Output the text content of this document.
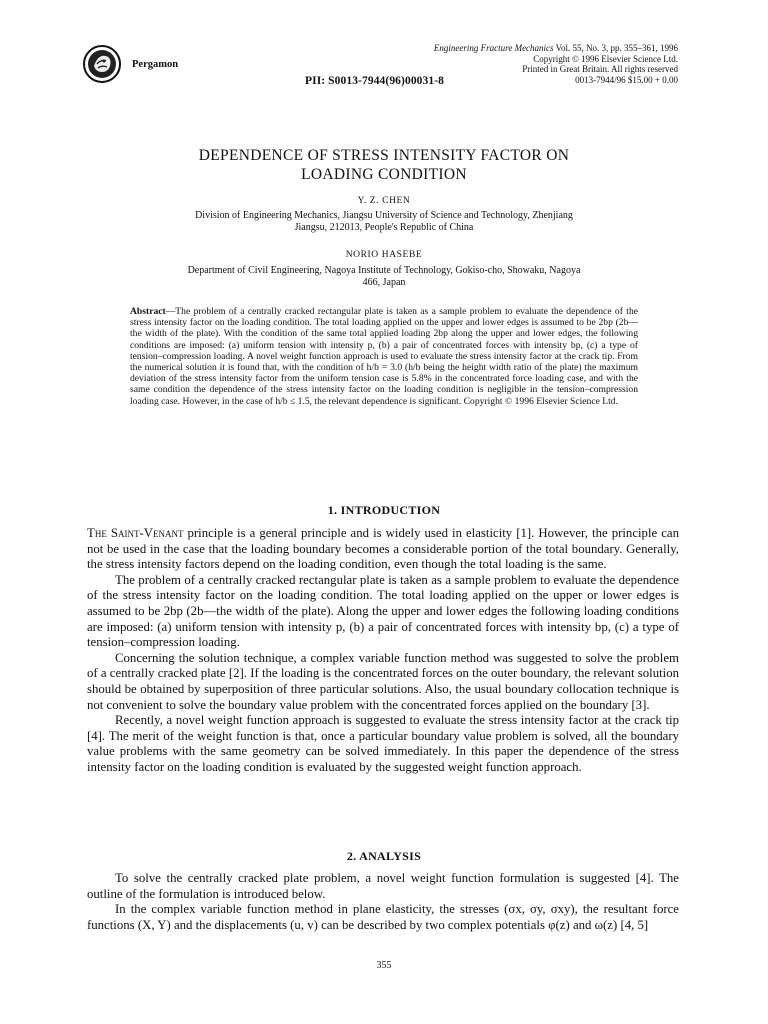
Pergamon
PII: S0013-7944(96)00031-8
Engineering Fracture Mechanics Vol. 55, No. 3, pp. 355–361, 1996
Copyright © 1996 Elsevier Science Ltd.
Printed in Great Britain. All rights reserved
0013-7944/96 $15.00 + 0.00
DEPENDENCE OF STRESS INTENSITY FACTOR ON
LOADING CONDITION
Y. Z. CHEN
Division of Engineering Mechanics, Jiangsu University of Science and Technology, Zhenjiang
Jiangsu, 212013, People's Republic of China
NORIO HASEBE
Department of Civil Engineering, Nagoya Institute of Technology, Gokiso-cho, Showaku, Nagoya
466, Japan
Abstract—The problem of a centrally cracked rectangular plate is taken as a sample problem to evaluate the dependence of the stress intensity factor on the loading condition. The total loading applied on the upper and lower edges is assumed to be 2bp (2b—the width of the plate). With the condition of the same total applied loading 2bp along the upper and lower edges, the following conditions are imposed: (a) uniform tension with intensity p, (b) a pair of concentrated forces with intensity bp, (c) a type of tension–compression loading. A novel weight function approach is used to evaluate the stress intensity factor at the crack tip. From the numerical solution it is found that, with the condition of h/b = 3.0 (h/b being the height width ratio of the plate) the maximum deviation of the stress intensity factor from the uniform tension case is 5.8% in the concentrated force loading case, and with the same condition the dependence of the stress intensity factor on the loading condition is negligible in the tension–compression loading case. However, in the case of h/b ≤ 1.5, the relevant dependence is significant. Copyright © 1996 Elsevier Science Ltd.
1. INTRODUCTION

The Saint-Venant principle is a general principle and is widely used in elasticity [1]. However, the principle can not be used in the case that the loading boundary becomes a considerable portion of the total boundary. Generally, the stress intensity factors depend on the loading condition, even though the total loading is the same.

The problem of a centrally cracked rectangular plate is taken as a sample problem to evaluate the dependence of the stress intensity factor on the loading condition. The total loading applied on the upper or lower edges is assumed to be 2bp (2b—the width of the plate). Along the upper and lower edges the following loading conditions are imposed: (a) uniform tension with intensity p, (b) a pair of concentrated forces with intensity bp, (c) a type of tension–compression loading.

Concerning the solution technique, a complex variable function method was suggested to solve the problem of a centrally cracked plate [2]. If the loading is the concentrated forces on the outer boundary, the relevant solution should be obtained by superposition of three particular solutions. Also, the usual boundary collocation technique is not convenient to solve the boundary value problem with the concentrated forces applied on the boundary [3].

Recently, a novel weight function approach is suggested to evaluate the stress intensity factor at the crack tip [4]. The merit of the weight function is that, once a particular boundary value problem is solved, all the boundary value problems with the same geometry can be solved immediately. In this paper the dependence of the stress intensity factor on the loading condition is evaluated by the suggested weight function approach.

2. ANALYSIS

To solve the centrally cracked plate problem, a novel weight function formulation is suggested [4]. The outline of the formulation is introduced below.

In the complex variable function method in plane elasticity, the stresses (σx, σy, σxy), the resultant force functions (X, Y) and the displacements (u, v) can be described by two complex potentials φ(z) and ω(z) [4, 5]

355
